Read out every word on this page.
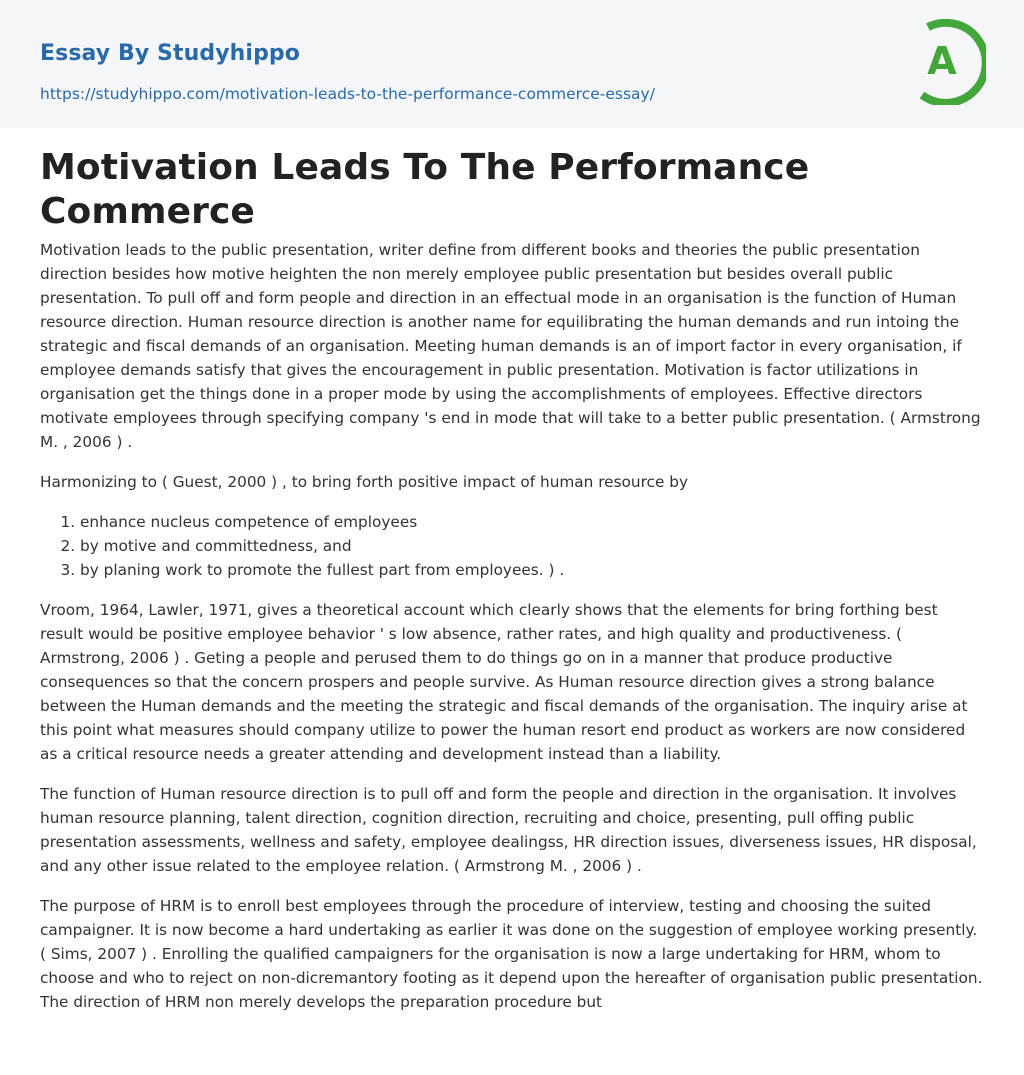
Essay By Studyhippo
https://studyhippo.com/motivation-leads-to-the-performance-commerce-essay/
A
Motivation Leads To The Performance Commerce

Motivation leads to the public presentation, writer define from different books and theories the public presentation direction besides how motive heighten the non merely employee public presentation but besides overall public presentation. To pull off and form people and direction in an effectual mode in an organisation is the function of Human resource direction. Human resource direction is another name for equilibrating the human demands and run intoing the strategic and fiscal demands of an organisation. Meeting human demands is an of import factor in every organisation, if employee demands satisfy that gives the encouragement in public presentation. Motivation is factor utilizations in organisation get the things done in a proper mode by using the accomplishments of employees. Effective directors motivate employees through specifying company 's end in mode that will take to a better public presentation. ( Armstrong M. , 2006 ) .

Harmonizing to ( Guest, 2000 ) , to bring forth positive impact of human resource by

1. enhance nucleus competence of employees
2. by motive and committedness, and
3. by planing work to promote the fullest part from employees. ) .

Vroom, 1964, Lawler, 1971, gives a theoretical account which clearly shows that the elements for bring forthing best result would be positive employee behavior ' s low absence, rather rates, and high quality and productiveness. ( Armstrong, 2006 ) . Geting a people and perused them to do things go on in a manner that produce productive consequences so that the concern prospers and people survive. As Human resource direction gives a strong balance between the Human demands and the meeting the strategic and fiscal demands of the organisation. The inquiry arise at this point what measures should company utilize to power the human resort end product as workers are now considered as a critical resource needs a greater attending and development instead than a liability.

The function of Human resource direction is to pull off and form the people and direction in the organisation. It involves human resource planning, talent direction, cognition direction, recruiting and choice, presenting, pull offing public presentation assessments, wellness and safety, employee dealingss, HR direction issues, diverseness issues, HR disposal, and any other issue related to the employee relation. ( Armstrong M. , 2006 ) .

The purpose of HRM is to enroll best employees through the procedure of interview, testing and choosing the suited campaigner. It is now become a hard undertaking as earlier it was done on the suggestion of employee working presently. ( Sims, 2007 ) . Enrolling the qualified campaigners for the organisation is now a large undertaking for HRM, whom to choose and who to reject on non-dicremantory footing as it depend upon the hereafter of organisation public presentation. The direction of HRM non merely develops the preparation procedure but
